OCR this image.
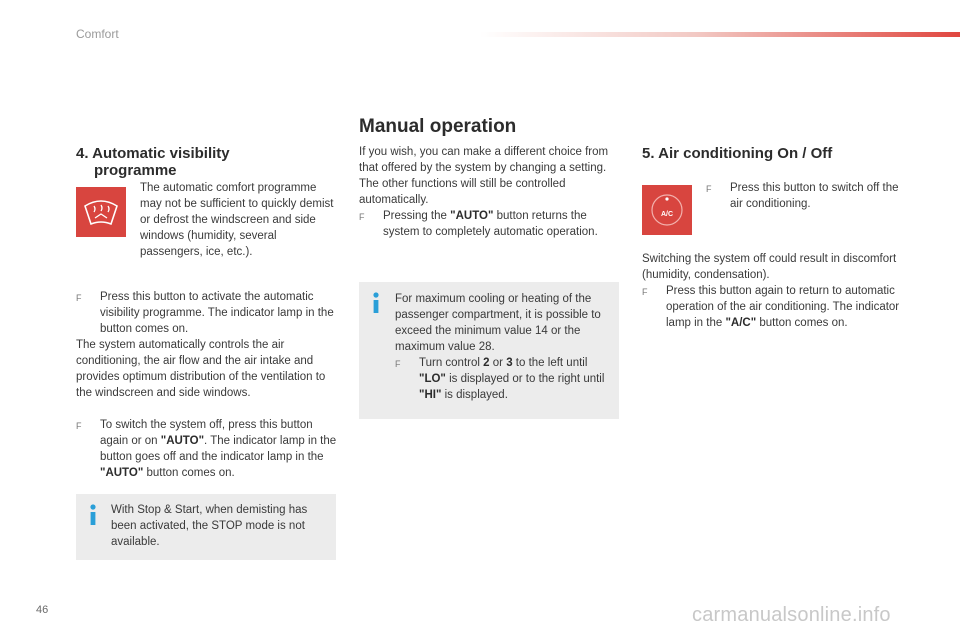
Comfort
4. Automatic visibility
programme
The automatic comfort programme may not be sufficient to quickly demist or defrost the windscreen and side windows (humidity, several passengers, ice, etc.).
F	Press this button to activate the automatic visibility programme. The indicator lamp in the button comes on.

The system automatically controls the air conditioning, the air flow and the air intake and provides optimum distribution of the ventilation to the windscreen and side windows.

F	To switch the system off, press this button again or on "AUTO". The indicator lamp in the button goes off and the indicator lamp in the "AUTO" button comes on.
With Stop & Start, when demisting has been activated, the STOP mode is not available.
Manual operation

If you wish, you can make a different choice from that offered by the system by changing a setting. The other functions will still be controlled automatically.

F	Pressing the "AUTO" button returns the system to completely automatic operation.

For maximum cooling or heating of the passenger compartment, it is possible to exceed the minimum value 14 or the maximum value 28.

F	Turn control 2 or 3 to the left until "LO" is displayed or to the right until "HI" is displayed.
5. Air conditioning On / Off
A/C
F	Press this button to switch off the air conditioning.

Switching the system off could result in discomfort (humidity, condensation).

F	Press this button again to return to automatic operation of the air conditioning. The indicator lamp in the "A/C" button comes on.
46	carmanualsonline.info
